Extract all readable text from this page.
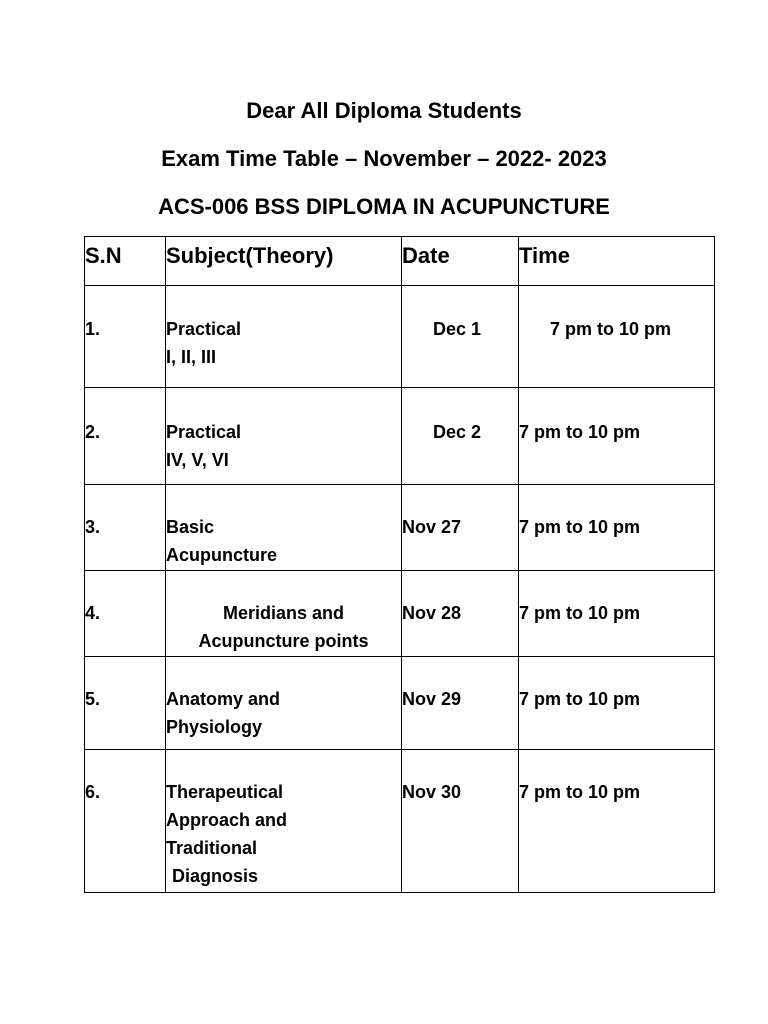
Dear All Diploma Students
Exam Time Table – November – 2022- 2023
ACS-006 BSS DIPLOMA IN ACUPUNCTURE
S.N	Subject(Theory)	Date	Time
1.	Practical
I, II, III	Dec 1	7 pm to 10 pm
2.	Practical
IV, V, VI	Dec 2	7 pm to 10 pm
3.	Basic
Acupuncture	Nov 27	7 pm to 10 pm
4.	Meridians and
Acupuncture points	Nov 28	7 pm to 10 pm
5.	Anatomy and
Physiology	Nov 29	7 pm to 10 pm
6.	Therapeutical
Approach and
Traditional
Diagnosis	Nov 30	7 pm to 10 pm
